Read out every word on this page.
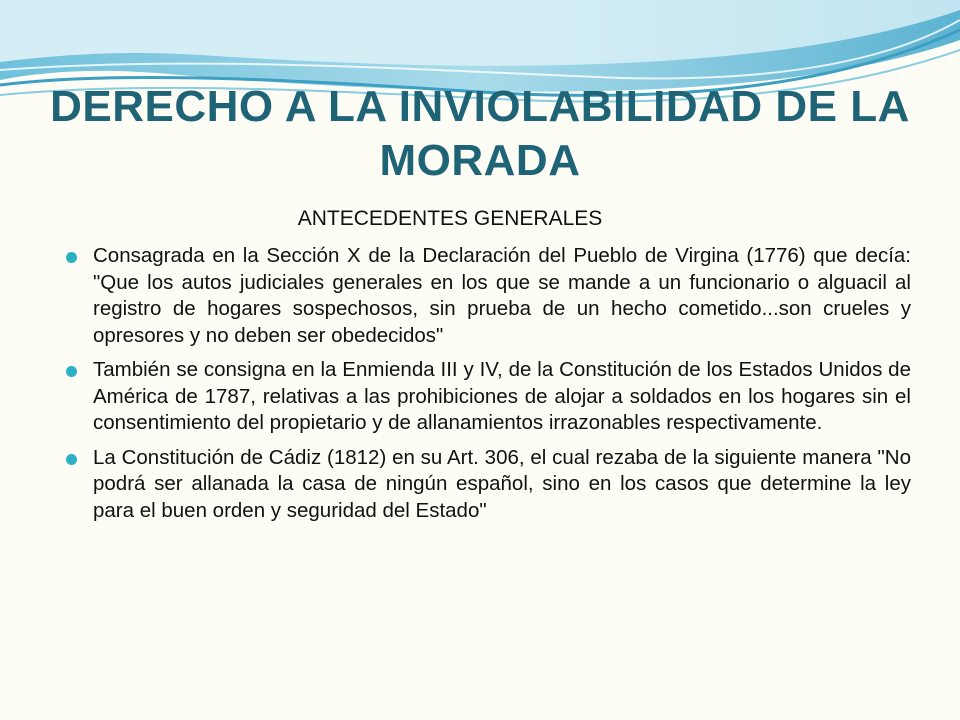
DERECHO A LA INVIOLABILIDAD DE LA MORADA
ANTECEDENTES GENERALES
Consagrada en la Sección X de la Declaración del Pueblo de Virgina (1776) que decía: "Que los autos judiciales generales en los que se mande a un funcionario o alguacil al registro de hogares sospechosos, sin prueba de un hecho cometido...son crueles y opresores y no deben ser obedecidos"
También se consigna en la Enmienda III y IV, de la Constitución de los Estados Unidos de América de 1787, relativas a las prohibiciones de alojar a soldados en los hogares sin el consentimiento del propietario y de allanamientos irrazonables respectivamente.
La Constitución de Cádiz (1812) en su Art. 306, el cual rezaba de la siguiente manera "No podrá ser allanada la casa de ningún español, sino en los casos que determine la ley para el buen orden y seguridad del Estado"
